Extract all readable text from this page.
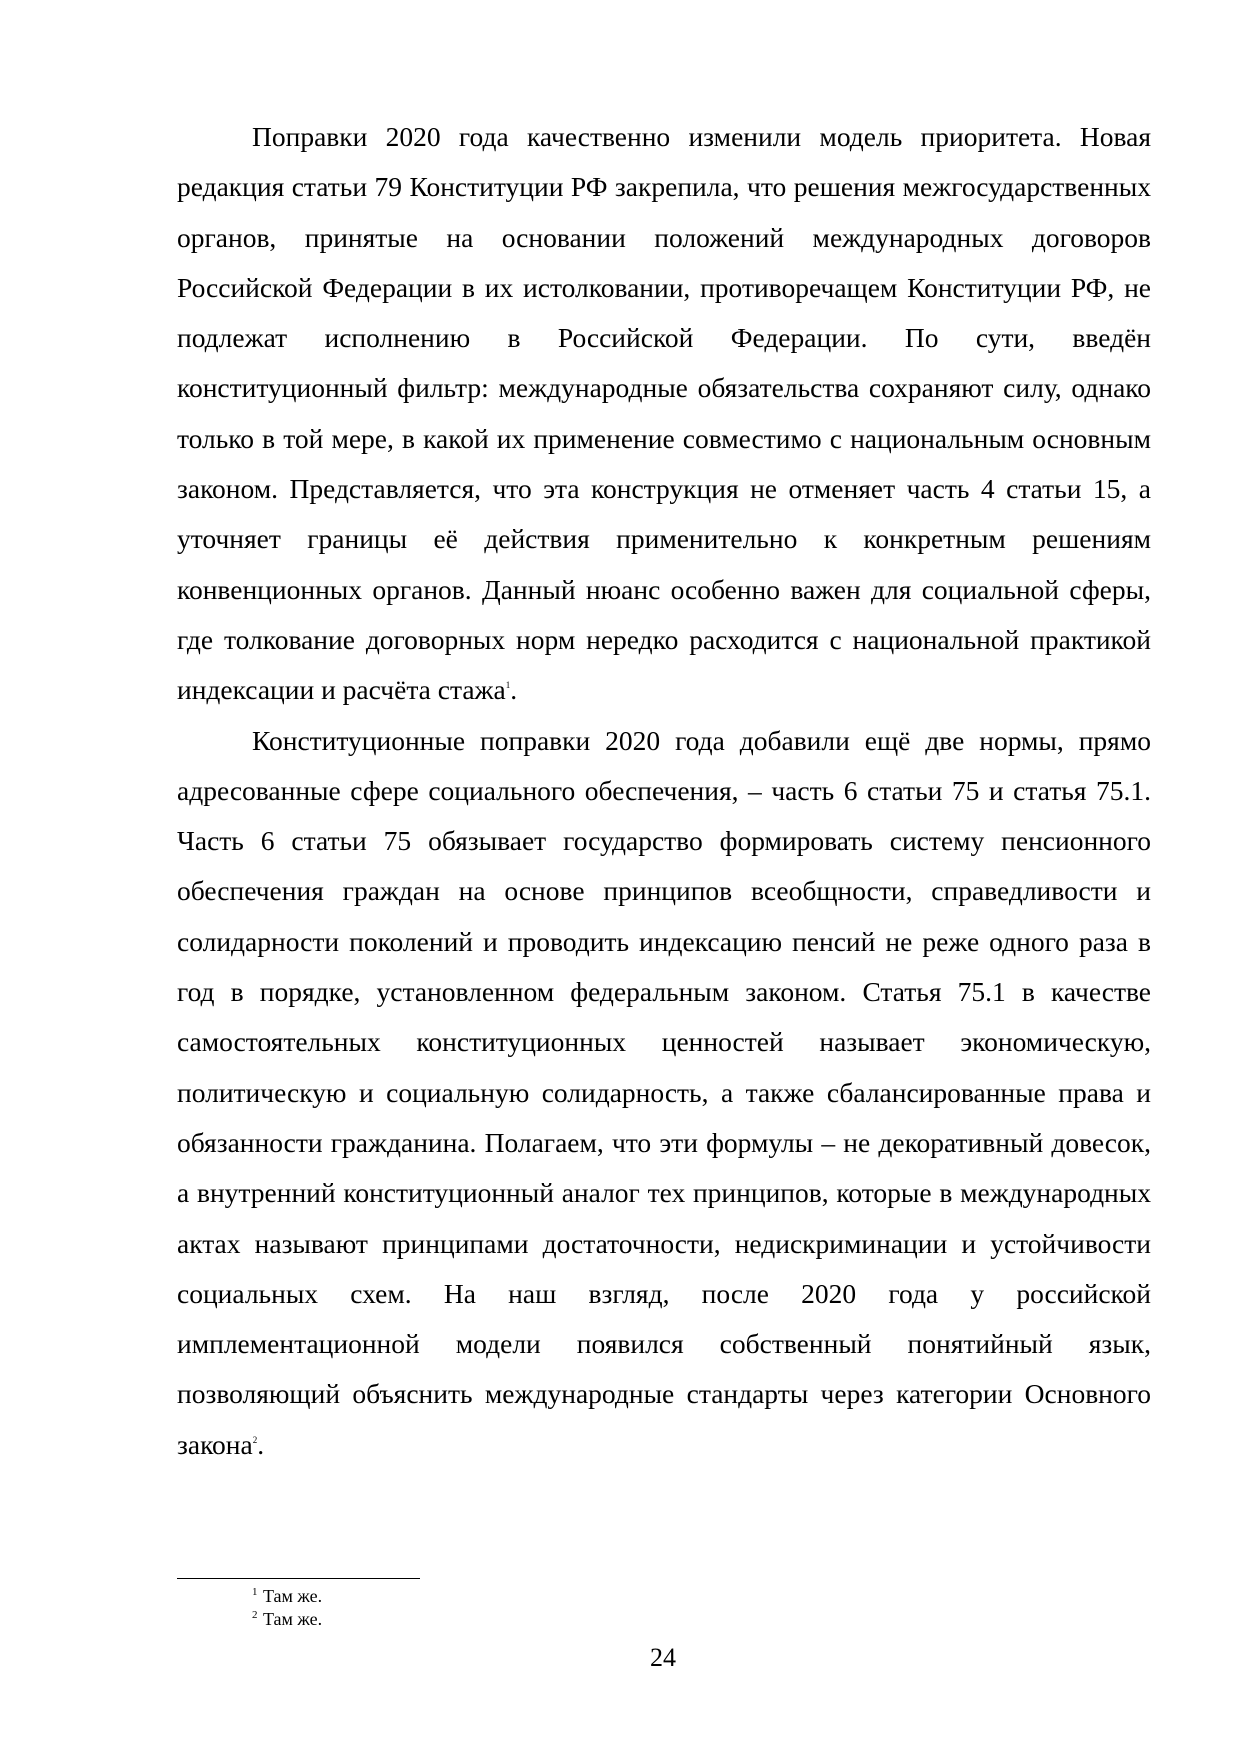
Поправки 2020 года качественно изменили модель приоритета. Новая редакция статьи 79 Конституции РФ закрепила, что решения межгосударственных органов, принятые на основании положений международных договоров Российской Федерации в их истолковании, противоречащем Конституции РФ, не подлежат исполнению в Российской Федерации. По сути, введён конституционный фильтр: международные обязательства сохраняют силу, однако только в той мере, в какой их применение совместимо с национальным основным законом. Представляется, что эта конструкция не отменяет часть 4 статьи 15, а уточняет границы её действия применительно к конкретным решениям конвенционных органов. Данный нюанс особенно важен для социальной сферы, где толкование договорных норм нередко расходится с национальной практикой индексации и расчёта стажа$^1$.

Конституционные поправки 2020 года добавили ещё две нормы, прямо адресованные сфере социального обеспечения, – часть 6 статьи 75 и статья 75.1. Часть 6 статьи 75 обязывает государство формировать систему пенсионного обеспечения граждан на основе принципов всеобщности, справедливости и солидарности поколений и проводить индексацию пенсий не реже одного раза в год в порядке, установленном федеральным законом. Статья 75.1 в качестве самостоятельных конституционных ценностей называет экономическую, политическую и социальную солидарность, а также сбалансированные права и обязанности гражданина. Полагаем, что эти формулы – не декоративный довесок, а внутренний конституционный аналог тех принципов, которые в международных актах называют принципами достаточности, недискриминации и устойчивости социальных схем. На наш взгляд, после 2020 года у российской имплементационной модели появился собственный понятийный язык, позволяющий объяснить международные стандарты через категории Основного закона$^2$.

$^1$ Там же.

$^2$ Там же.

24
